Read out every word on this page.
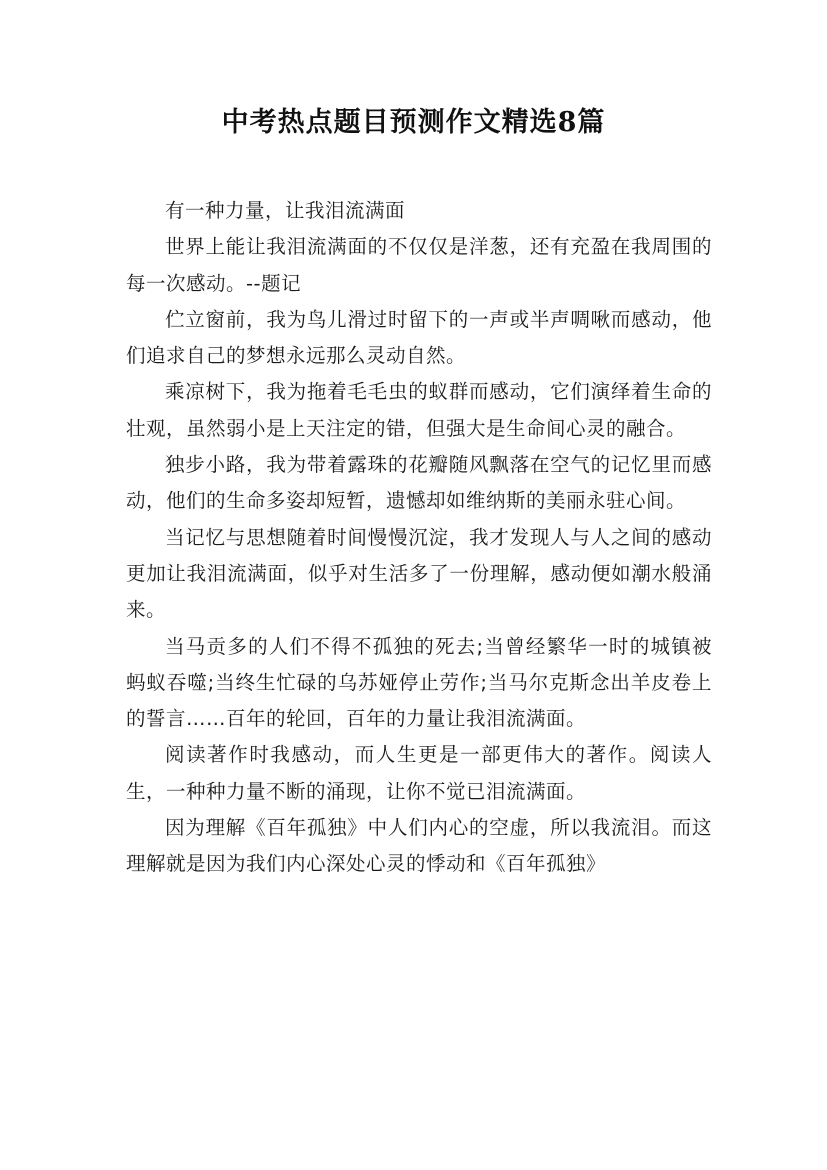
中考热点题目预测作文精选8篇

有一种力量，让我泪流满面

世界上能让我泪流满面的不仅仅是洋葱，还有充盈在我周围的每一次感动。--题记

伫立窗前，我为鸟儿滑过时留下的一声或半声啁啾而感动，他们追求自己的梦想永远那么灵动自然。

乘凉树下，我为拖着毛毛虫的蚁群而感动，它们演绎着生命的壮观，虽然弱小是上天注定的错，但强大是生命间心灵的融合。

独步小路，我为带着露珠的花瓣随风飘落在空气的记忆里而感动，他们的生命多姿却短暂，遗憾却如维纳斯的美丽永驻心间。

当记忆与思想随着时间慢慢沉淀，我才发现人与人之间的感动更加让我泪流满面，似乎对生活多了一份理解，感动便如潮水般涌来。

当马贡多的人们不得不孤独的死去;当曾经繁华一时的城镇被蚂蚁吞噬;当终生忙碌的乌苏娅停止劳作;当马尔克斯念出羊皮卷上的誓言……百年的轮回，百年的力量让我泪流满面。

阅读著作时我感动，而人生更是一部更伟大的著作。阅读人生，一种种力量不断的涌现，让你不觉已泪流满面。

因为理解《百年孤独》中人们内心的空虚，所以我流泪。而这理解就是因为我们内心深处心灵的悸动和《百年孤独》
